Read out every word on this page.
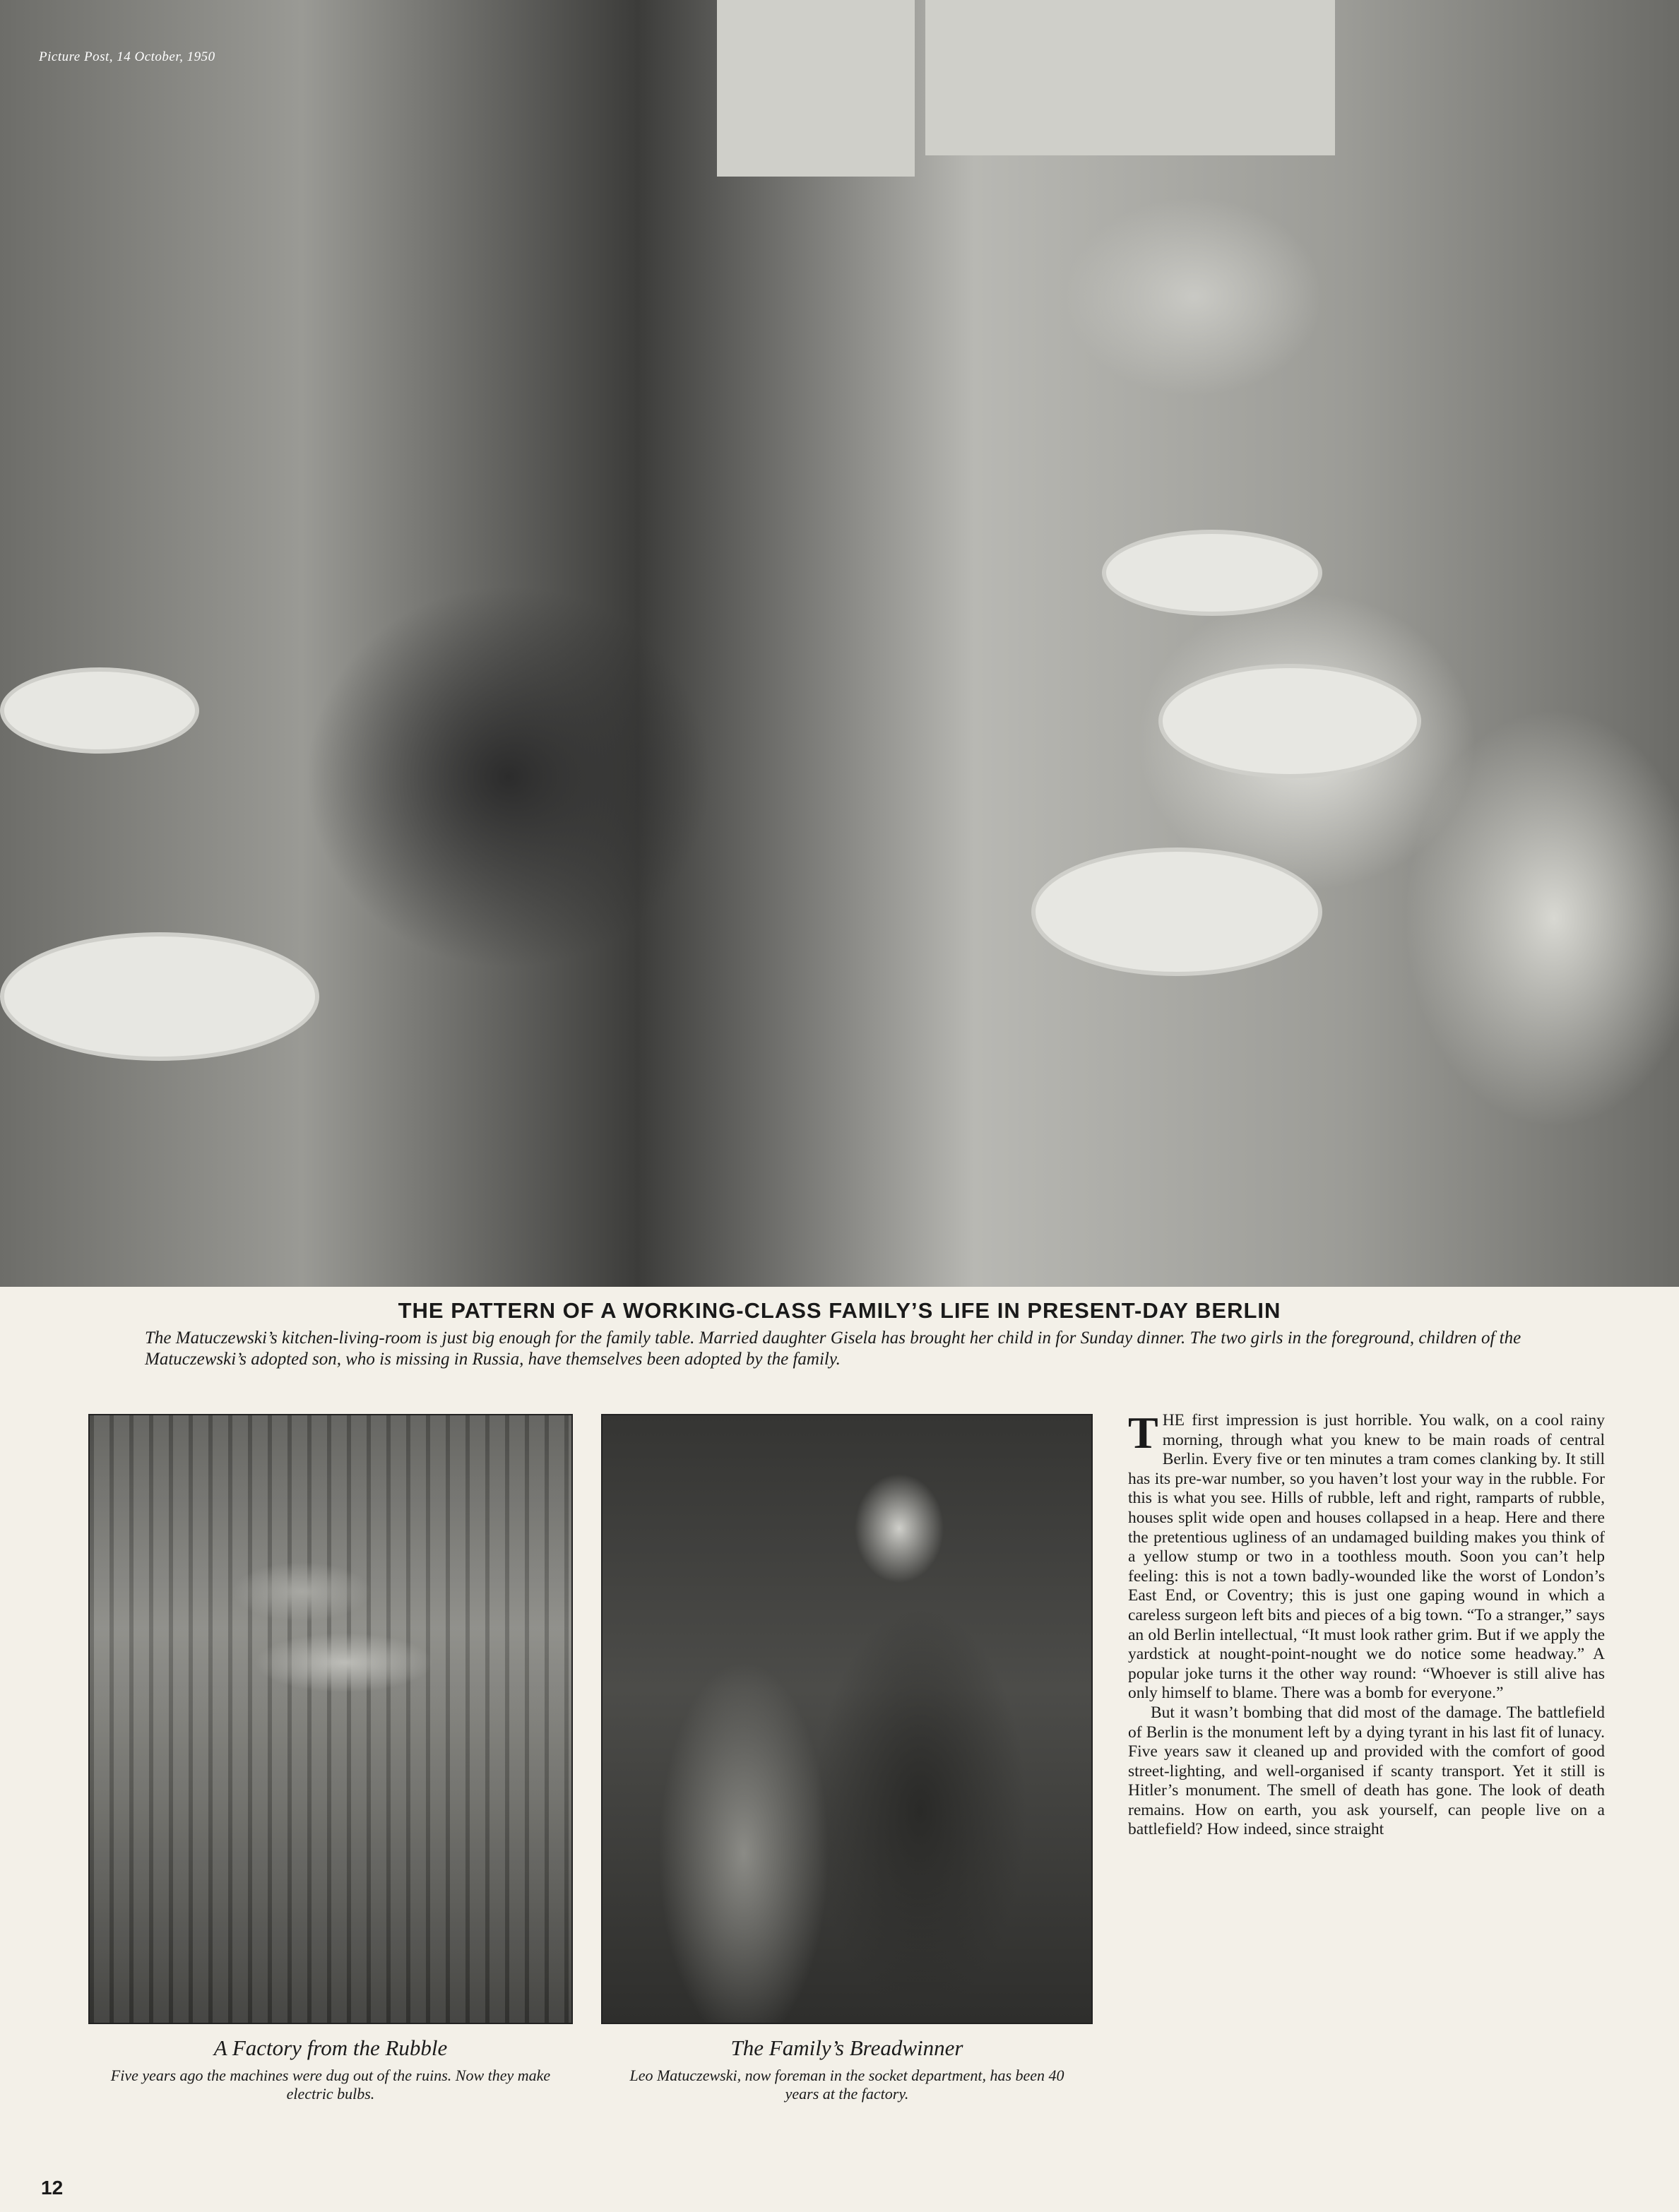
Picture Post, 14 October, 1950
THE PATTERN OF A WORKING-CLASS FAMILY’S LIFE IN PRESENT-DAY BERLIN
The Matuczewski’s kitchen-living-room is just big enough for the family table. Married daughter Gisela has brought her child in for Sunday dinner. The two girls in the foreground, children of the Matuczewski’s adopted son, who is missing in Russia, have themselves been adopted by the family.
A Factory from the Rubble
Five years ago the machines were dug out of the ruins. Now they make electric bulbs.
The Family’s Breadwinner
Leo Matuczewski, now foreman in the socket department, has been 40 years at the factory.

THE first impression is just horrible. You walk, on a cool rainy morning, through what you knew to be main roads of central Berlin. Every five or ten minutes a tram comes clanking by. It still has its pre-war number, so you haven’t lost your way in the rubble. For this is what you see. Hills of rubble, left and right, ramparts of rubble, houses split wide open and houses collapsed in a heap. Here and there the pretentious ugliness of an undamaged building makes you think of a yellow stump or two in a toothless mouth. Soon you can’t help feeling: this is not a town badly-wounded like the worst of London’s East End, or Coventry; this is just one gaping wound in which a careless surgeon left bits and pieces of a big town. “To a stranger,” says an old Berlin intellectual, “It must look rather grim. But if we apply the yardstick at nought-point-nought we do notice some headway.” A popular joke turns it the other way round: “Whoever is still alive has only himself to blame. There was a bomb for everyone.”

But it wasn’t bombing that did most of the damage. The battlefield of Berlin is the monument left by a dying tyrant in his last fit of lunacy. Five years saw it cleaned up and provided with the comfort of good street-lighting, and well-organised if scanty transport. Yet it still is Hitler’s monument. The smell of death has gone. The look of death remains. How on earth, you ask yourself, can people live on a battlefield? How indeed, since straight

12
